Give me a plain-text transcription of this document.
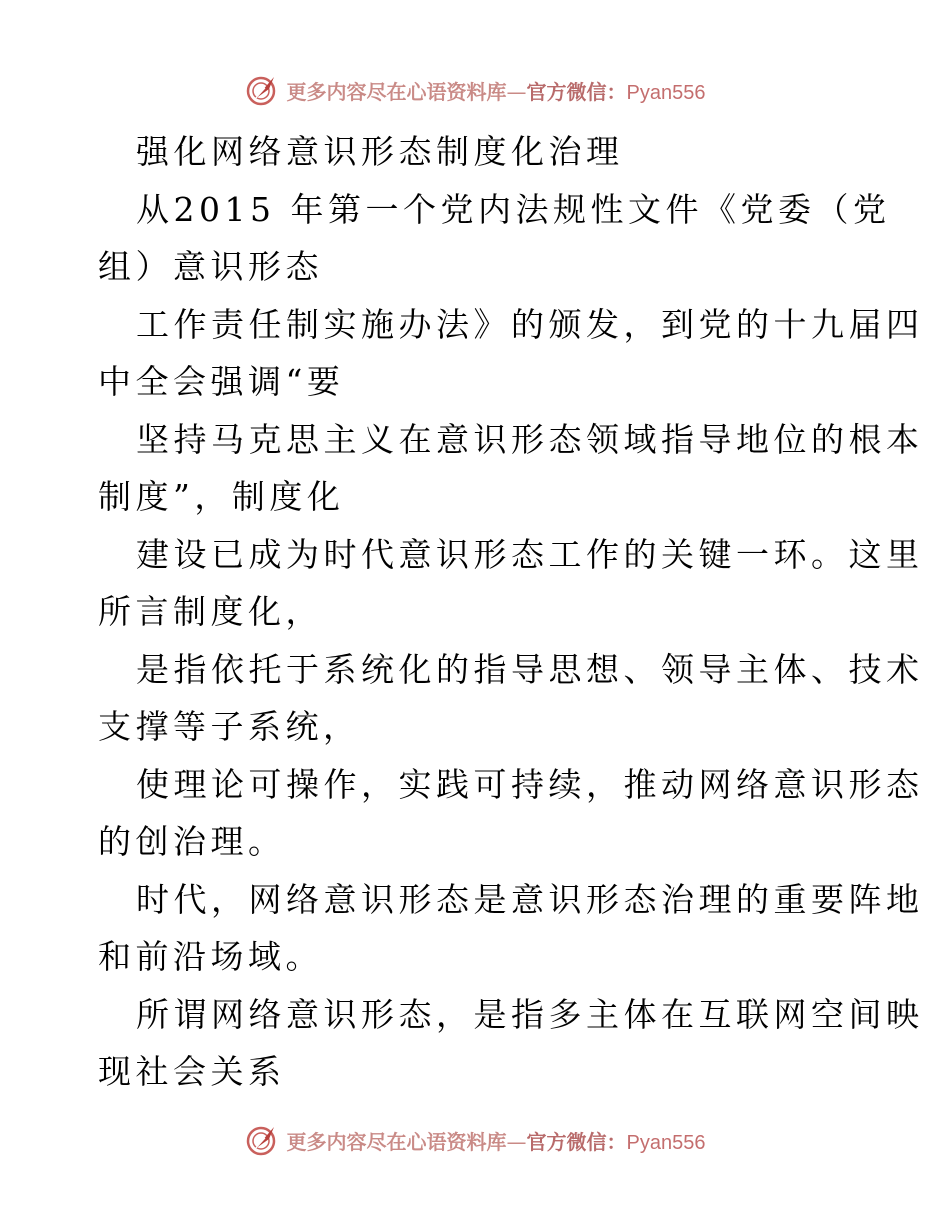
更多内容尽在心语资料库—官方微信：Pyan556
强化网络意识形态制度化治理
从2015 年第一个党内法规性文件《党委（党
组）意识形态
工作责任制实施办法》的颁发，到党的十九届四
中全会强调“要
坚持马克思主义在意识形态领域指导地位的根本
制度”，制度化
建设已成为时代意识形态工作的关键一环。这里
所言制度化，
是指依托于系统化的指导思想、领导主体、技术
支撑等子系统，
使理论可操作，实践可持续，推动网络意识形态
的创治理。
时代，网络意识形态是意识形态治理的重要阵地
和前沿场域。
所谓网络意识形态，是指多主体在互联网空间映
现社会关系
更多内容尽在心语资料库—官方微信：Pyan556
